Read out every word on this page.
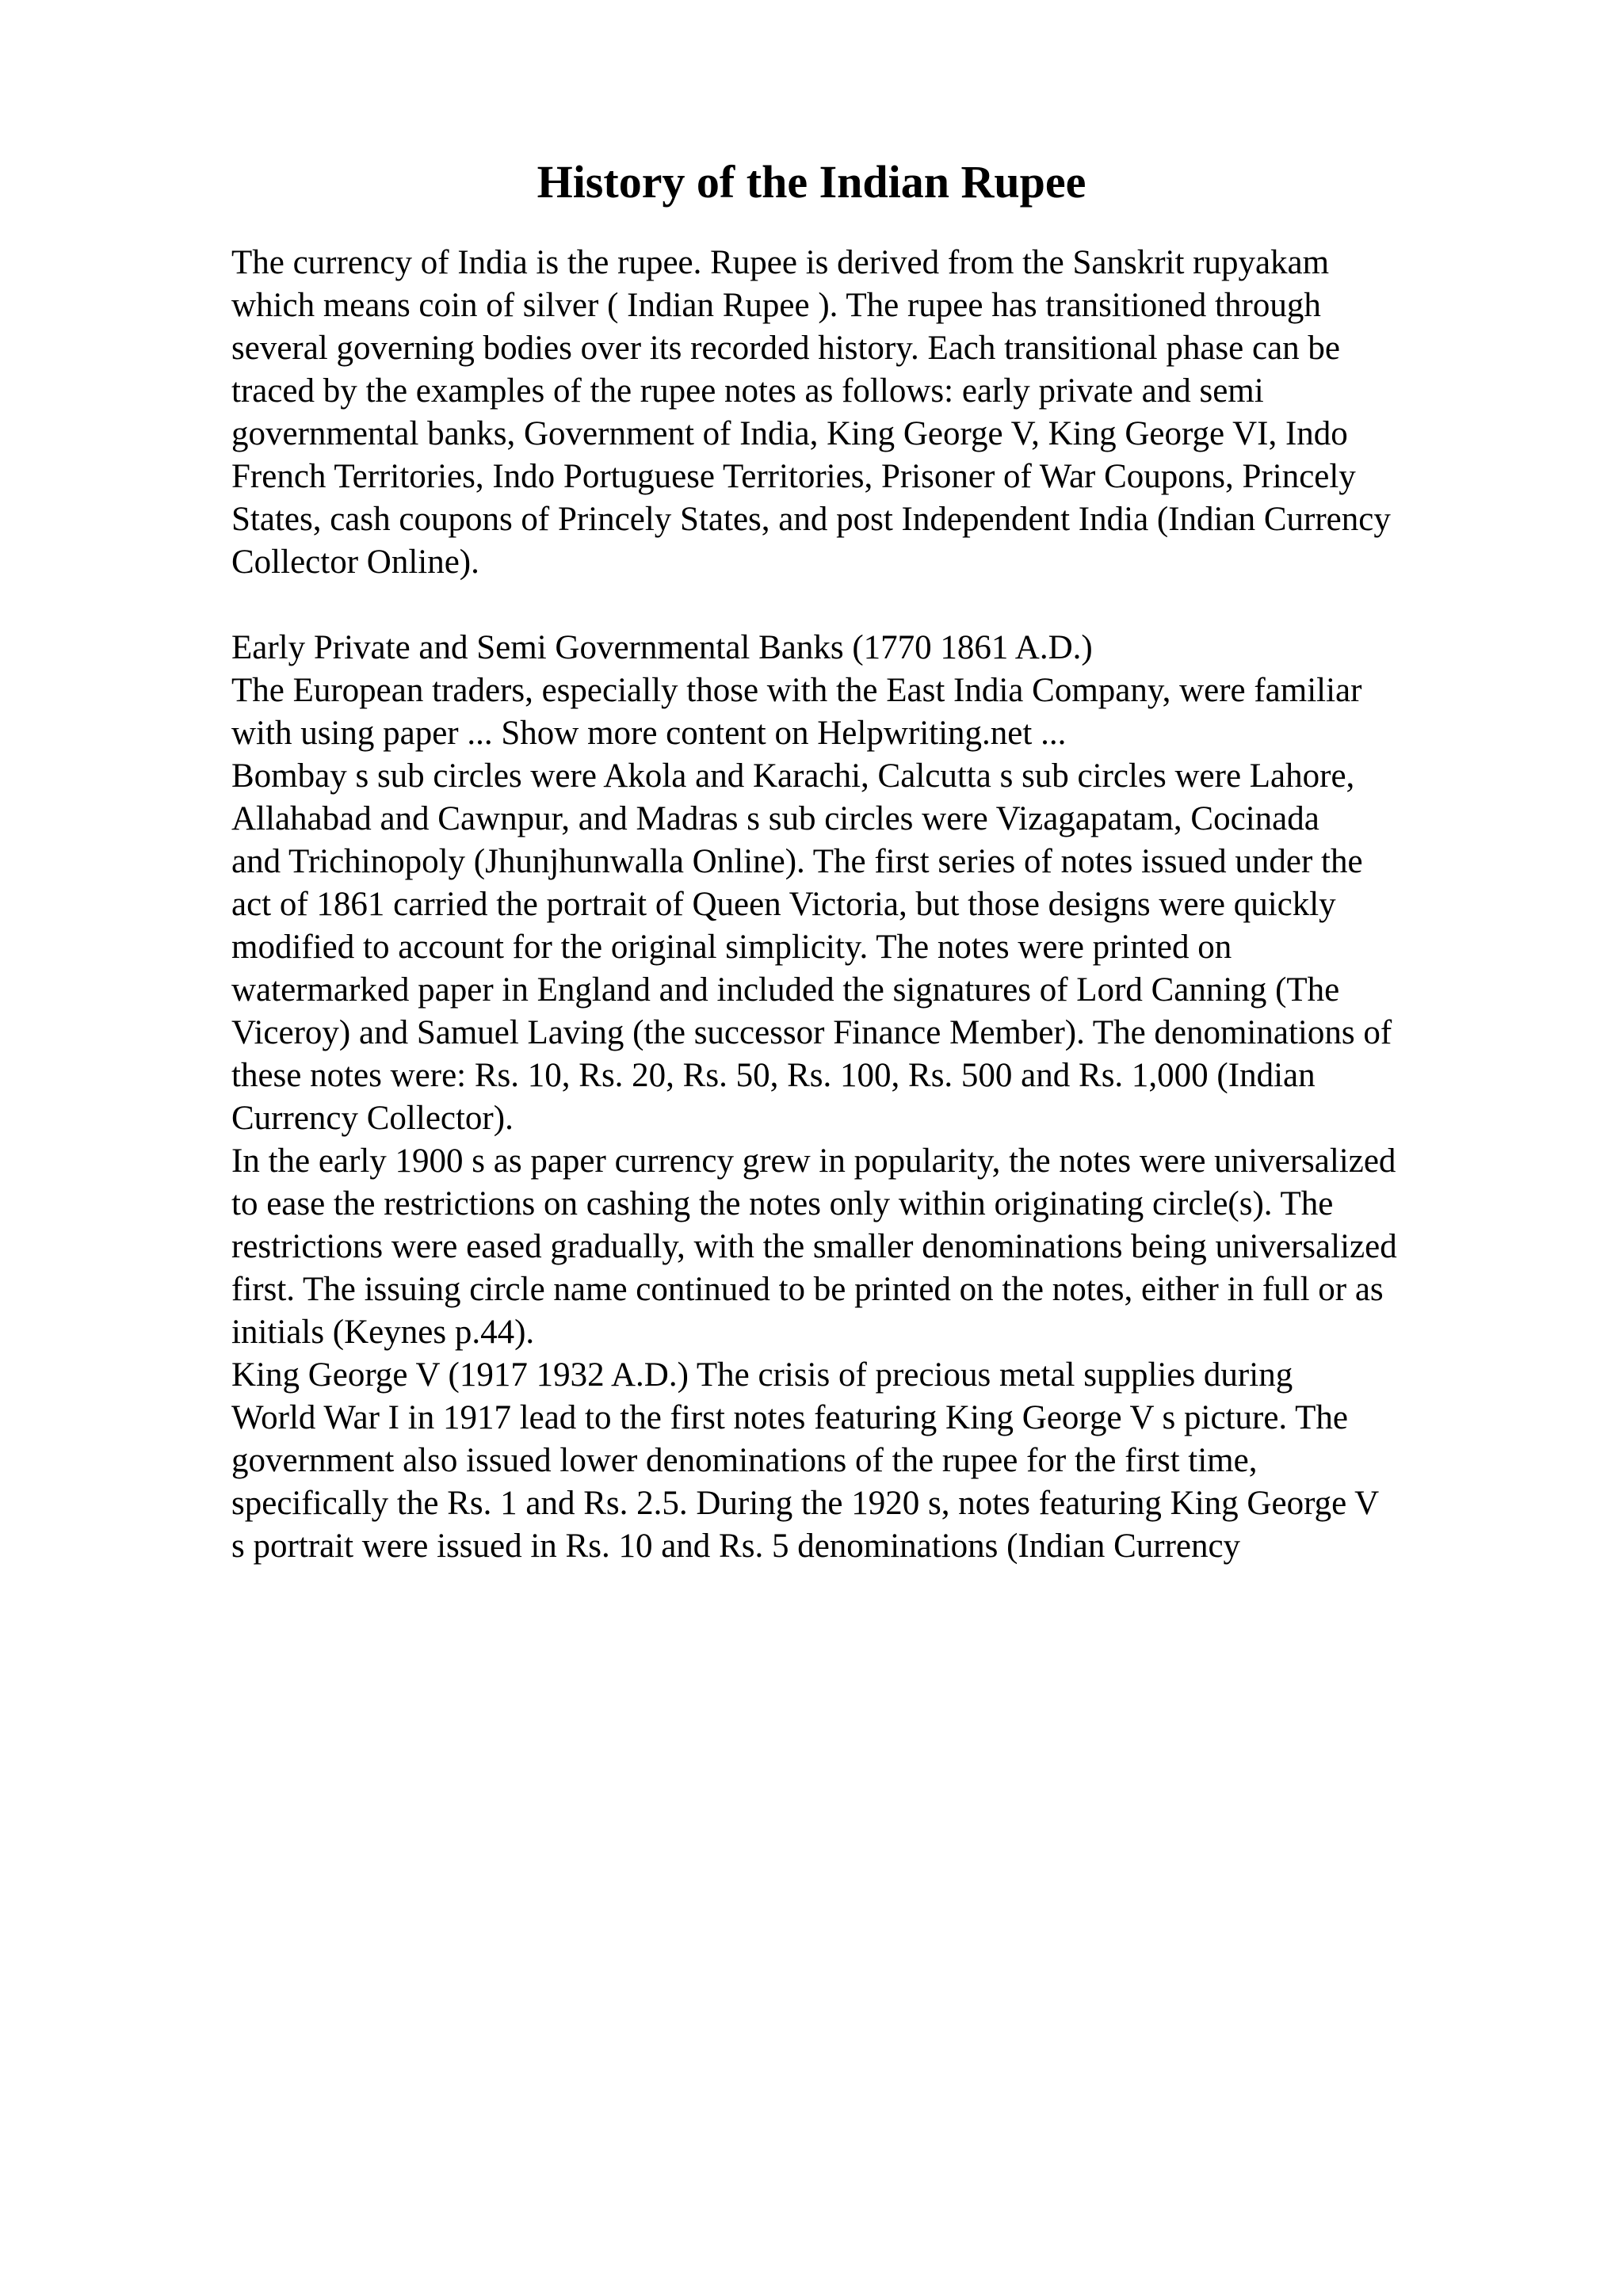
History of the Indian Rupee
The currency of India is the rupee. Rupee is derived from the Sanskrit rupyakam
which means coin of silver ( Indian Rupee ). The rupee has transitioned through
several governing bodies over its recorded history. Each transitional phase can be
traced by the examples of the rupee notes as follows: early private and semi
governmental banks, Government of India, King George V, King George VI, Indo
French Territories, Indo Portuguese Territories, Prisoner of War Coupons, Princely
States, cash coupons of Princely States, and post Independent India (Indian Currency
Collector Online).
Early Private and Semi Governmental Banks (1770 1861 A.D.)
The European traders, especially those with the East India Company, were familiar
with using paper ... Show more content on Helpwriting.net ...
Bombay s sub circles were Akola and Karachi, Calcutta s sub circles were Lahore,
Allahabad and Cawnpur, and Madras s sub circles were Vizagapatam, Cocinada
and Trichinopoly (Jhunjhunwalla Online). The first series of notes issued under the
act of 1861 carried the portrait of Queen Victoria, but those designs were quickly
modified to account for the original simplicity. The notes were printed on
watermarked paper in England and included the signatures of Lord Canning (The
Viceroy) and Samuel Laving (the successor Finance Member). The denominations of
these notes were: Rs. 10, Rs. 20, Rs. 50, Rs. 100, Rs. 500 and Rs. 1,000 (Indian
Currency Collector).
In the early 1900 s as paper currency grew in popularity, the notes were universalized
to ease the restrictions on cashing the notes only within originating circle(s). The
restrictions were eased gradually, with the smaller denominations being universalized
first. The issuing circle name continued to be printed on the notes, either in full or as
initials (Keynes p.44).
King George V (1917 1932 A.D.) The crisis of precious metal supplies during
World War I in 1917 lead to the first notes featuring King George V s picture. The
government also issued lower denominations of the rupee for the first time,
specifically the Rs. 1 and Rs. 2.5. During the 1920 s, notes featuring King George V
s portrait were issued in Rs. 10 and Rs. 5 denominations (Indian Currency
